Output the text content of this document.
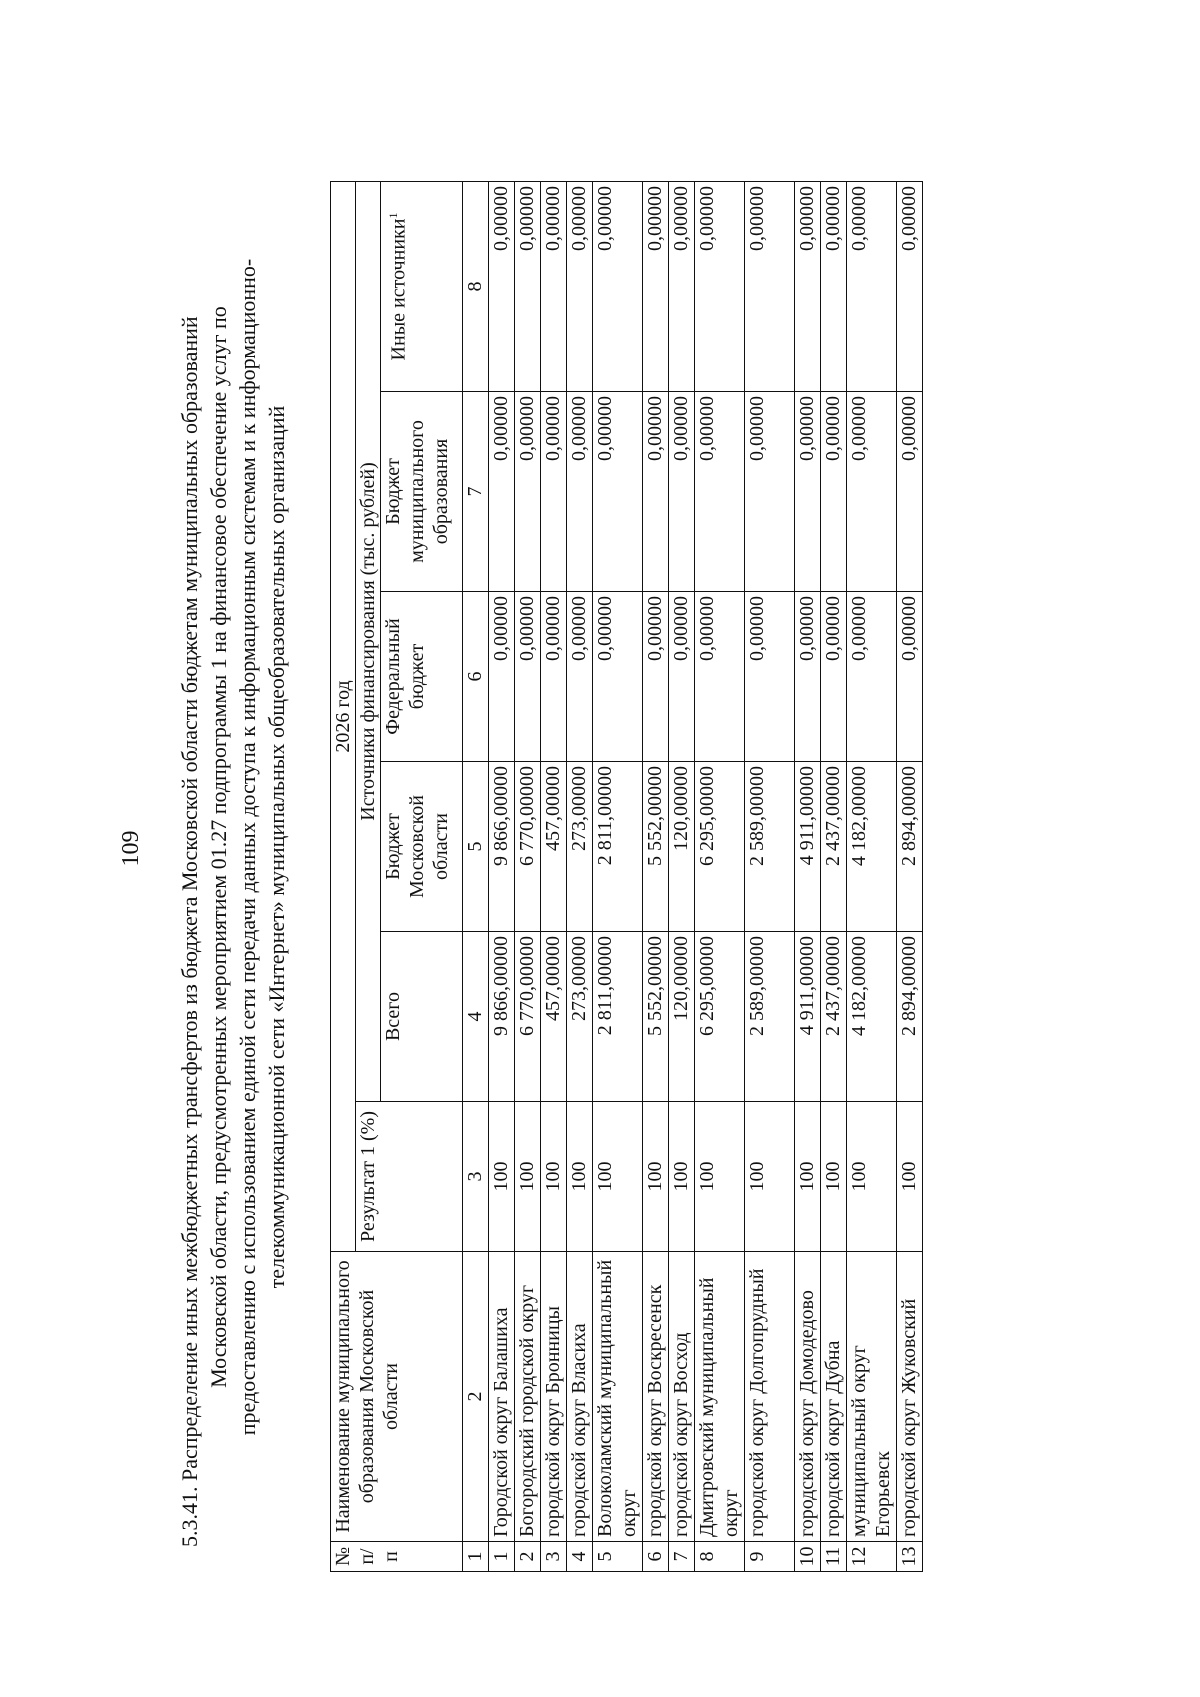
109 5.3.41. Распределение иных межбюджетных трансфертов из бюджета Московской области бюджетам муниципальных образований Московской области, предусмотренных мероприятием 01.27 подпрограммы 1 на финансовое обеспечение услуг по предоставлению с использованием единой сети передачи данных доступа к информационным системам и к информационно- телекоммуникационной сети «Интернет» муниципальных общеобразовательных организаций
№ п/п	Наименование муниципального образования Московской области	2026 год					
		Результат 1 (%)	Источники финансирования (тыс. рублей)				
			Всего	Бюджет Московской области	Федеральный бюджет	Бюджет муниципального образования	Иные источники$^1$
1	2	3	4	5	6	7	8
1	Городской округ Балашиха	100	9 866,00000	9 866,00000	0,00000	0,00000	0,00000
2	Богородский городской округ	100	6 770,00000	6 770,00000	0,00000	0,00000	0,00000
3	городской округ Бронницы	100	457,00000	457,00000	0,00000	0,00000	0,00000
4	городской округ Власиха	100	273,00000	273,00000	0,00000	0,00000	0,00000
5	Волоколамский муниципальный округ	100	2 811,00000	2 811,00000	0,00000	0,00000	0,00000
6	городской округ Воскресенск	100	5 552,00000	5 552,00000	0,00000	0,00000	0,00000
7	городской округ Восход	100	120,00000	120,00000	0,00000	0,00000	0,00000
8	Дмитровский муниципальный округ	100	6 295,00000	6 295,00000	0,00000	0,00000	0,00000
9	городской округ Долгопрудный	100	2 589,00000	2 589,00000	0,00000	0,00000	0,00000
10	городской округ Домодедово	100	4 911,00000	4 911,00000	0,00000	0,00000	0,00000
11	городской округ Дубна	100	2 437,00000	2 437,00000	0,00000	0,00000	0,00000
12	муниципальный округ Егорьевск	100	4 182,00000	4 182,00000	0,00000	0,00000	0,00000
13	городской округ Жуковский	100	2 894,00000	2 894,00000	0,00000	0,00000	0,00000
